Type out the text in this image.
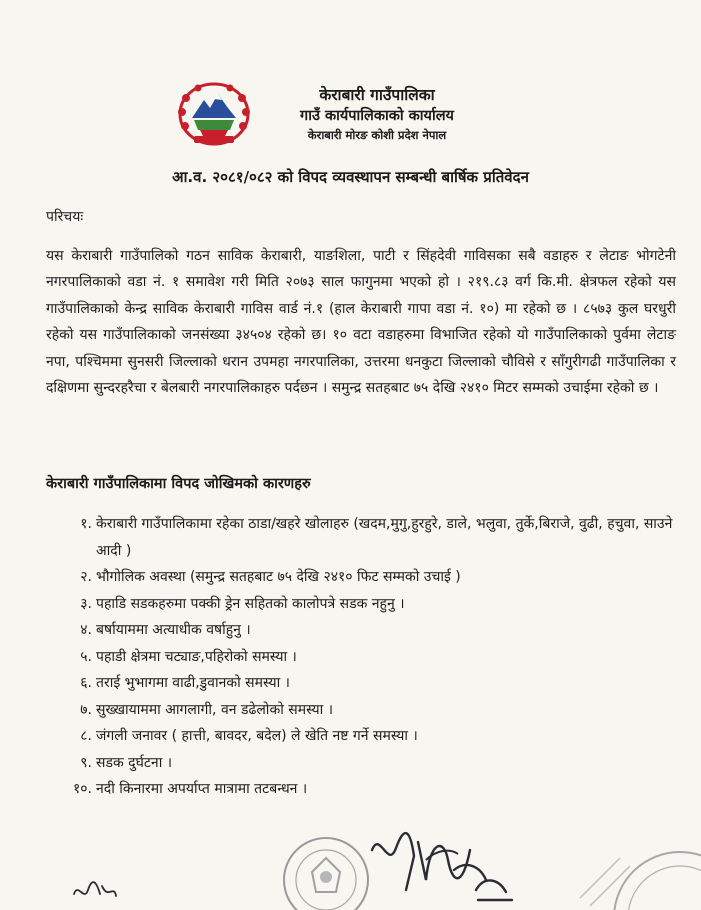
केराबारी गाउँपालिका
गाउँ कार्यपालिकाको कार्यालय
केराबारी मोरङ कोशी प्रदेश नेपाल
आ.व. २०८१/०८२ को विपद व्यवस्थापन सम्बन्धी बार्षिक प्रतिवेदन
परिचयः
यस केराबारी गाउँपालिको गठन साविक केराबारी, याङशिला, पाटी र सिंहदेवी गाविसका सबै वडाहरु र लेटाङ भोगटेनी नगरपालिकाको वडा नं. १ समावेश गरी मिति २०७३ साल फागुनमा भएको हो । २१९.८३ वर्ग कि.मी. क्षेत्रफल रहेको यस गाउँपालिकाको केन्द्र साविक केराबारी गाविस वार्ड नं.१ (हाल केराबारी गापा वडा नं. १०) मा रहेको छ । ८५७३ कुल घरधुरी रहेको यस गाउँपालिकाको जनसंख्या ३४५०४ रहेको छ। १० वटा वडाहरुमा विभाजित रहेको यो गाउँपालिकाको पुर्वमा लेटाङ नपा, पश्चिममा सुनसरी जिल्लाको धरान उपमहा नगरपालिका, उत्तरमा धनकुटा जिल्लाको चौविसे र साँगुरीगढी गाउँपालिका र दक्षिणमा सुन्दरहरैचा र बेलबारी नगरपालिकाहरु पर्दछन । समुन्द्र सतहबाट ७५ देखि २४१० मिटर सम्मको उचाईमा रहेको छ ।
केराबारी गाउँपालिकामा विपद जोखिमको कारणहरु
१. केराबारी गाउँपालिकामा रहेका ठाडा/खहरे खोलाहरु (खदम,मुगु,हुरहुरे, डाले, भलुवा, तुर्के,बिराजे, वुढी, हचुवा, साउने आदी )
२. भौगोलिक अवस्था (समुन्द्र सतहबाट ७५ देखि २४१० फिट सम्मको उचाई )
३. पहाडि सडकहरुमा पक्की ड्रेन सहितको कालोपत्रे सडक नहुनु ।
४. बर्षायाममा अत्याधीक वर्षाहुनु ।
५. पहाडी क्षेत्रमा चट्याङ,पहिरोको समस्या ।
६. तराई भुभागमा वाढी,डुवानको समस्या ।
७. सुख्खायाममा आगलागी, वन डढेलोको समस्या ।
८. जंगली जनावर ( हात्ती, बावदर, बदेल) ले खेति नष्ट गर्ने समस्या ।
९. सडक दुर्घटना ।
१०. नदी किनारमा अपर्याप्त मात्रामा तटबन्धन ।
